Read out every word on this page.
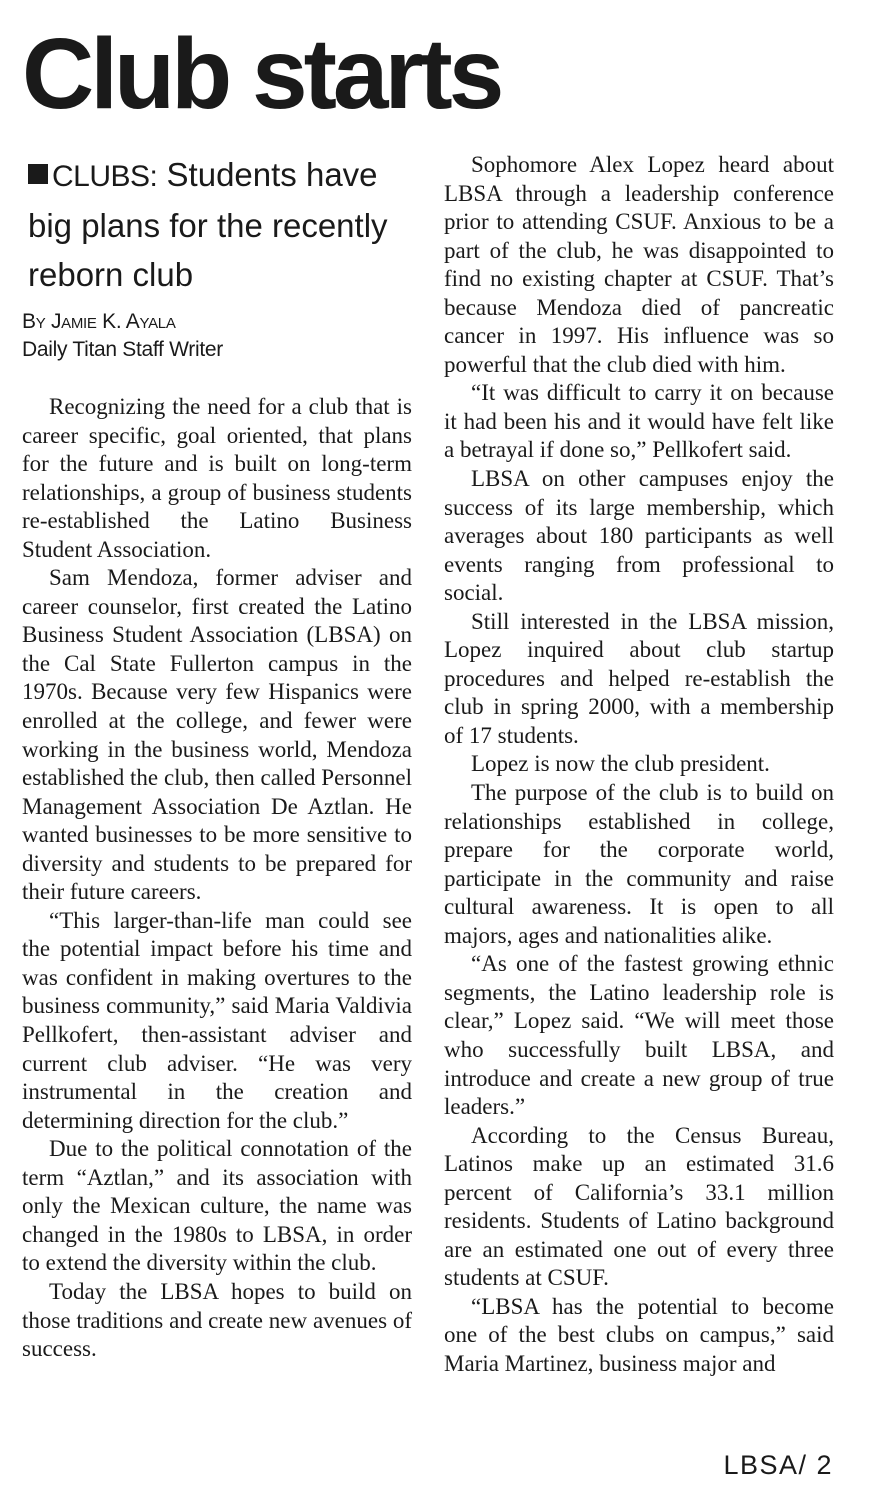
Club starts
CLUBS: Students have big plans for the recently reborn club
By Jamie K. Ayala
Daily Titan Staff Writer

Recognizing the need for a club that is career specific, goal oriented, that plans for the future and is built on long-term relationships, a group of business students re-established the Latino Business Student Association.

Sam Mendoza, former adviser and career counselor, first created the Latino Business Student Association (LBSA) on the Cal State Fullerton campus in the 1970s. Because very few Hispanics were enrolled at the college, and fewer were working in the business world, Mendoza established the club, then called Personnel Management Association De Aztlan. He wanted businesses to be more sensitive to diversity and students to be prepared for their future careers.

“This larger-than-life man could see the potential impact before his time and was confident in making overtures to the business community,” said Maria Valdivia Pellkofert, then-assistant adviser and current club adviser. “He was very instrumental in the creation and determining direction for the club.”

Due to the political connotation of the term “Aztlan,” and its association with only the Mexican culture, the name was changed in the 1980s to LBSA, in order to extend the diversity within the club.

Today the LBSA hopes to build on those traditions and create new avenues of success.

Sophomore Alex Lopez heard about LBSA through a leadership conference prior to attending CSUF. Anxious to be a part of the club, he was disappointed to find no existing chapter at CSUF. That’s because Mendoza died of pancreatic cancer in 1997. His influence was so powerful that the club died with him.

“It was difficult to carry it on because it had been his and it would have felt like a betrayal if done so,” Pellkofert said.

LBSA on other campuses enjoy the success of its large membership, which averages about 180 participants as well events ranging from professional to social.

Still interested in the LBSA mission, Lopez inquired about club startup procedures and helped re-establish the club in spring 2000, with a membership of 17 students.

Lopez is now the club president.

The purpose of the club is to build on relationships established in college, prepare for the corporate world, participate in the community and raise cultural awareness. It is open to all majors, ages and nationalities alike.

“As one of the fastest growing ethnic segments, the Latino leadership role is clear,” Lopez said. “We will meet those who successfully built LBSA, and introduce and create a new group of true leaders.”

According to the Census Bureau, Latinos make up an estimated 31.6 percent of California’s 33.1 million residents. Students of Latino background are an estimated one out of every three students at CSUF.

“LBSA has the potential to become one of the best clubs on campus,” said Maria Martinez, business major and

LBSA/ 2
